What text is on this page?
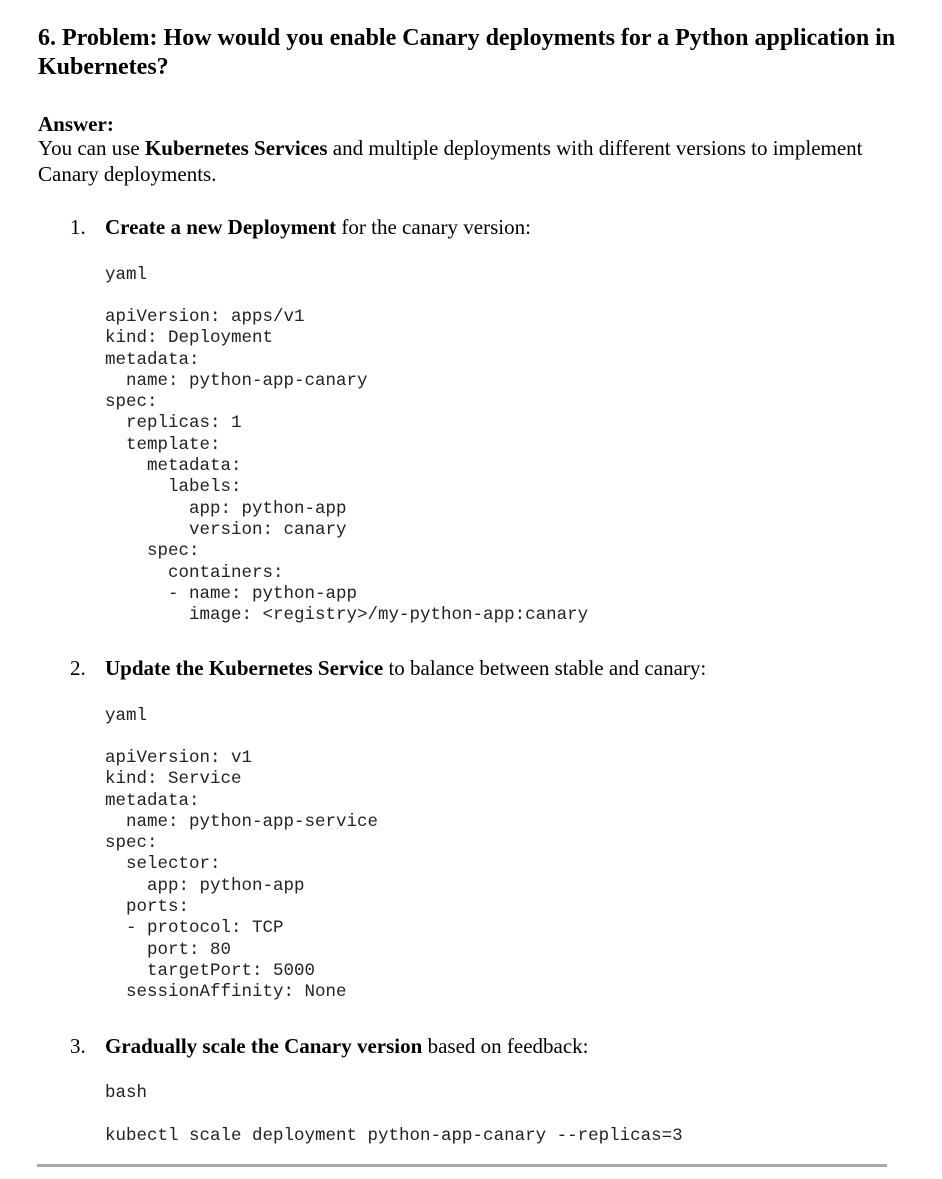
6. Problem: How would you enable Canary deployments for a Python application in Kubernetes?
Answer:
You can use Kubernetes Services and multiple deployments with different versions to implement Canary deployments.
1. Create a new Deployment for the canary version:
yaml
apiVersion: apps/v1
kind: Deployment
metadata:
name: python-app-canary
spec:
replicas: 1
template:
metadata:
labels:
app: python-app
version: canary
spec:
containers:
- name: python-app
image: <registry>/my-python-app:canary
2. Update the Kubernetes Service to balance between stable and canary:
yaml
apiVersion: v1
kind: Service
metadata:
name: python-app-service
spec:
selector:
app: python-app
ports:
- protocol: TCP
port: 80
targetPort: 5000
sessionAffinity: None
3. Gradually scale the Canary version based on feedback:
bash
kubectl scale deployment python-app-canary --replicas=3
